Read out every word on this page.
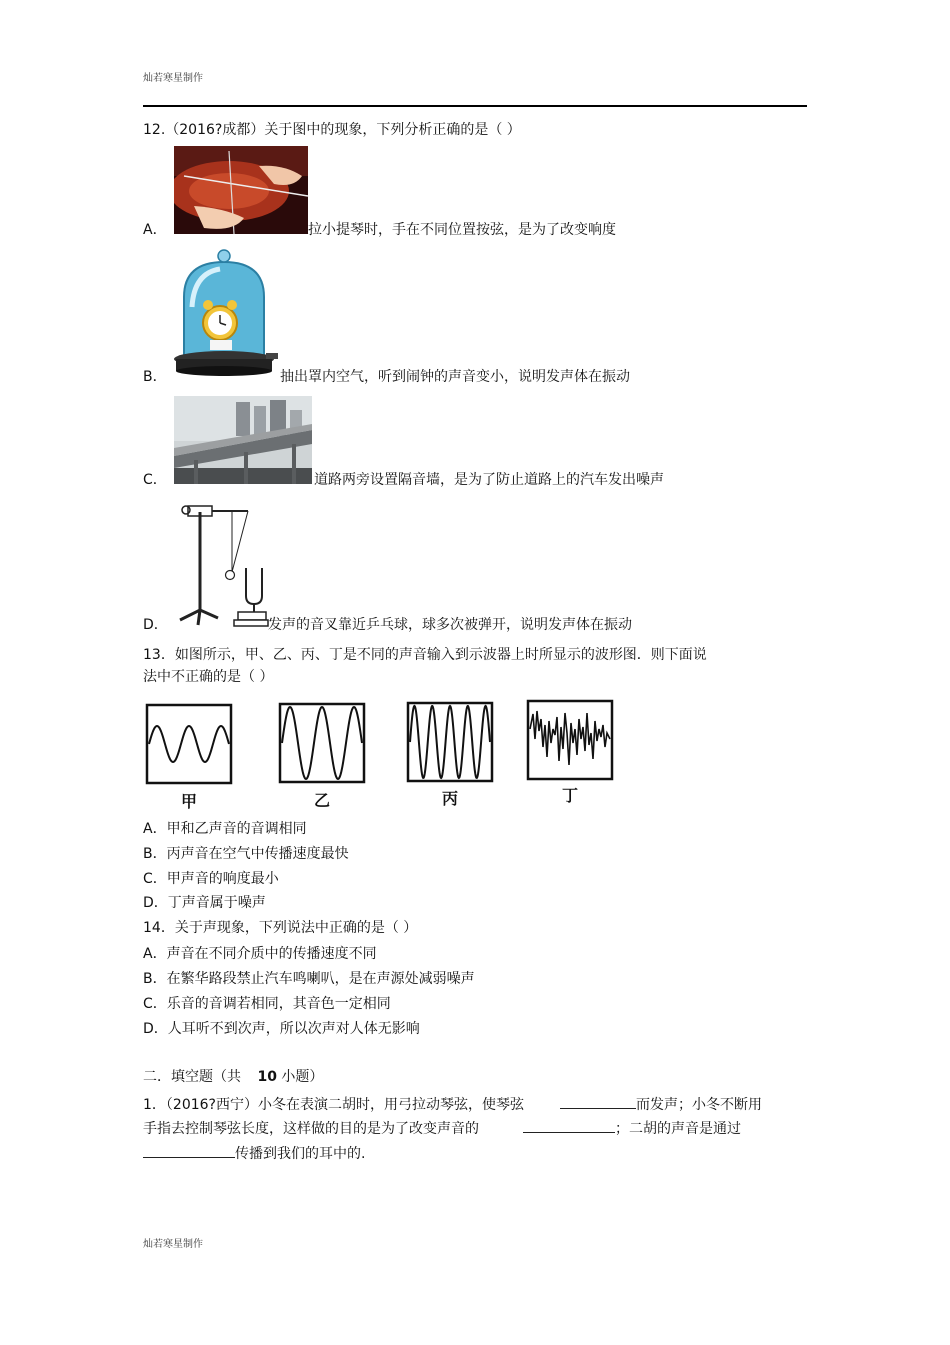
灿若寒星制作
12.（2016?成都）关于图中的现象，下列分析正确的是（ ）
A．	拉小提琴时，手在不同位置按弦，是为了改变响度
B．	抽出罩内空气，听到闹钟的声音变小，说明发声体在振动
C．	道路两旁设置隔音墙，是为了防止道路上的汽车发出噪声
D．	发声的音叉靠近乒乓球，球多次被弹开，说明发声体在振动
13．如图所示，甲、乙、丙、丁是不同的声音输入到示波器上时所显示的波形图．则下面说
法中不正确的是（ ）
甲	乙	丙	丁
A．甲和乙声音的音调相同
B．丙声音在空气中传播速度最快
C．甲声音的响度最小
D．丁声音属于噪声
14．关于声现象，下列说法中正确的是（ ）
A．声音在不同介质中的传播速度不同
B．在繁华路段禁止汽车鸣喇叭，是在声源处减弱噪声
C．乐音的音调若相同，其音色一定相同
D．人耳听不到次声，所以次声对人体无影响
二．填空题（共 10 小题）
1．（2016?西宁）小冬在表演二胡时，用弓拉动琴弦，使琴弦	而发声；小冬不断用
手指去控制琴弦长度，这样做的目的是为了改变声音的	；二胡的声音是通过
传播到我们的耳中的.
灿若寒星制作
